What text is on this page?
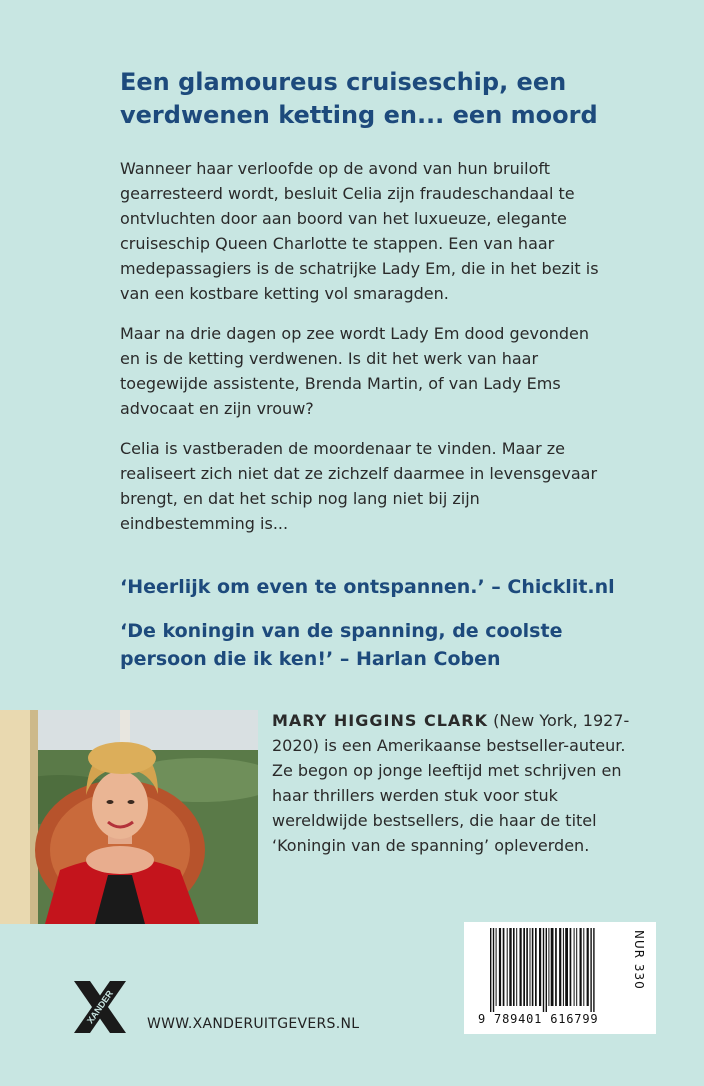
Een glamoureus cruiseschip, een
verdwenen ketting en... een moord

Wanneer haar verloofde op de avond van hun bruiloft gearresteerd wordt, besluit Celia zijn fraudeschandaal te ontvluchten door aan boord van het luxueuze, elegante cruiseschip Queen Charlotte te stappen. Een van haar medepassagiers is de schatrijke Lady Em, die in het bezit is van een kostbare ketting vol smaragden.

Maar na drie dagen op zee wordt Lady Em dood gevonden en is de ketting verdwenen. Is dit het werk van haar toegewijde assistente, Brenda Martin, of van Lady Ems advocaat en zijn vrouw?

Celia is vastberaden de moordenaar te vinden. Maar ze realiseert zich niet dat ze zichzelf daarmee in levensgevaar brengt, en dat het schip nog lang niet bij zijn eindbestemming is...

‘Heerlijk om even te ontspannen.’ – Chicklit.nl

‘De koningin van de spanning, de coolste persoon die ik ken!’ – Harlan Coben

MARY HIGGINS CLARK (New York, 1927-2020) is een Amerikaanse bestseller-auteur. Ze begon op jonge leeftijd met schrijven en haar thrillers werden stuk voor stuk wereldwijde bestsellers, die haar de titel ‘Koningin van de spanning’ opleverden.
9 789401 616799
NUR 330
XANDER WWW.XANDERUITGEVERS.NL
